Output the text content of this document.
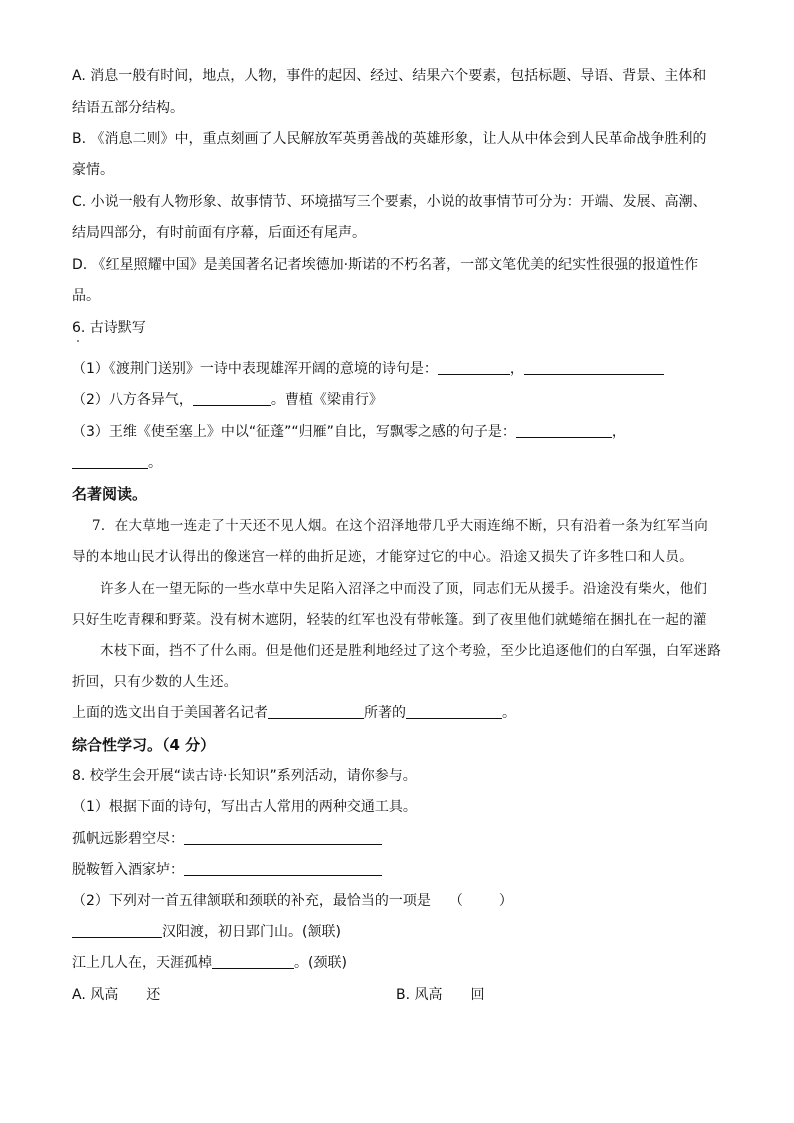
A. 消息一般有时间，地点，人物，事件的起因、经过、结果六个要素，包括标题、导语、背景、主体和
结语五部分结构。
B. 《消息二则》中，重点刻画了人民解放军英勇善战的英雄形象，让人从中体会到人民革命战争胜利的
豪情。
C. 小说一般有人物形象、故事情节、环境描写三个要素，小说的故事情节可分为：开端、发展、高潮、
结局四部分，有时前面有序幕，后面还有尾声。
D. 《红星照耀中国》是美国著名记者埃德加·斯诺的不朽名著，一部文笔优美的纪实性很强的报道性作
品。
6. 古诗默写
（1）《渡荆门送别》一诗中表现雄浑开阔的意境的诗句是：	，
（2）八方各异气，	。曹植《梁甫行》
（3）王维《使至塞上》中以“征蓬”“归雁”自比，写飘零之感的句子是：	，
。
名著阅读。
7．在大草地一连走了十天还不见人烟。在这个沼泽地带几乎大雨连绵不断，只有沿着一条为红军当向
导的本地山民才认得出的像迷宫一样的曲折足迹，才能穿过它的中心。沿途又损失了许多牲口和人员。
许多人在一望无际的一些水草中失足陷入沼泽之中而没了顶，同志们无从援手。沿途没有柴火，他们
只好生吃青稞和野菜。没有树木遮阴，轻装的红军也没有带帐篷。到了夜里他们就蜷缩在捆扎在一起的灌
木枝下面，挡不了什么雨。但是他们还是胜利地经过了这个考验，至少比追逐他们的白军强，白军迷路
折回，只有少数的人生还。
上面的选文出自于美国著名记者	所著的	。
综合性学习。（4 分）
8. 校学生会开展“读古诗·长知识”系列活动，请你参与。
（1）根据下面的诗句，写出古人常用的两种交通工具。
孤帆远影碧空尽：
脱鞍暂入酒家垆：
（2）下列对一首五律颔联和颈联的补充，最恰当的一项是 （	）
汉阳渡，初日郢门山。(颔联)
江上几人在，天涯孤棹	。(颈联)
A. 风高 还	B. 风高 回
